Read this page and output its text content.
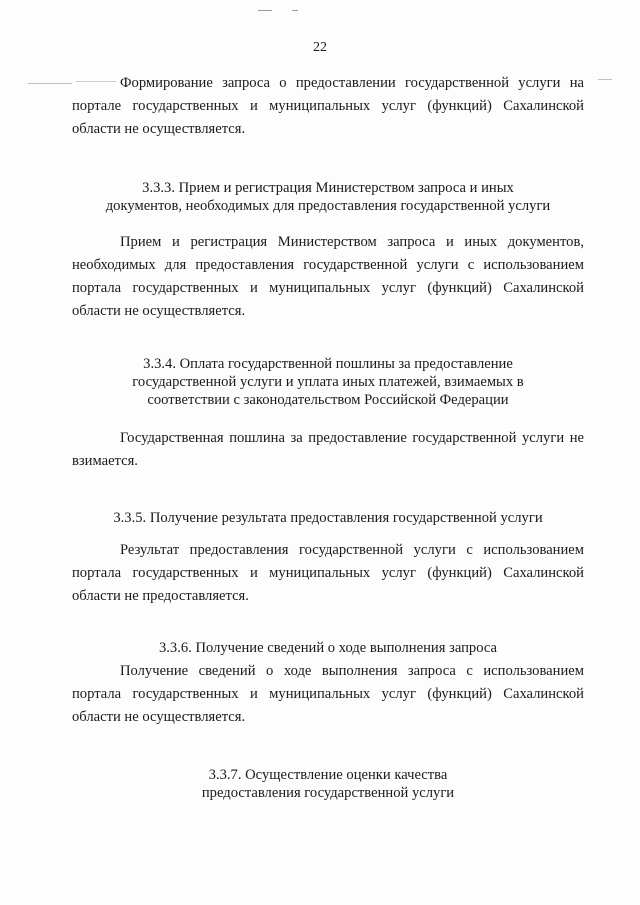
22

Формирование запроса о предоставлении государственной услуги на
портале государственных и муниципальных услуг (функций) Сахалинской
области не осуществляется.

3.3.3. Прием и регистрация Министерством запроса и иных
документов, необходимых для предоставления государственной услуги

Прием и регистрация Министерством запроса и иных документов,
необходимых для предоставления государственной услуги с использованием
портала государственных и муниципальных услуг (функций) Сахалинской
области не осуществляется.

3.3.4. Оплата государственной пошлины за предоставление
государственной услуги и уплата иных платежей, взимаемых в
соответствии с законодательством Российской Федерации

Государственная пошлина за предоставление государственной услуги не
взимается.

3.3.5. Получение результата предоставления государственной услуги

Результат предоставления государственной услуги с использованием
портала государственных и муниципальных услуг (функций) Сахалинской
области не предоставляется.

3.3.6. Получение сведений о ходе выполнения запроса

Получение сведений о ходе выполнения запроса с использованием
портала государственных и муниципальных услуг (функций) Сахалинской
области не осуществляется.

3.3.7. Осуществление оценки качества
предоставления государственной услуги
